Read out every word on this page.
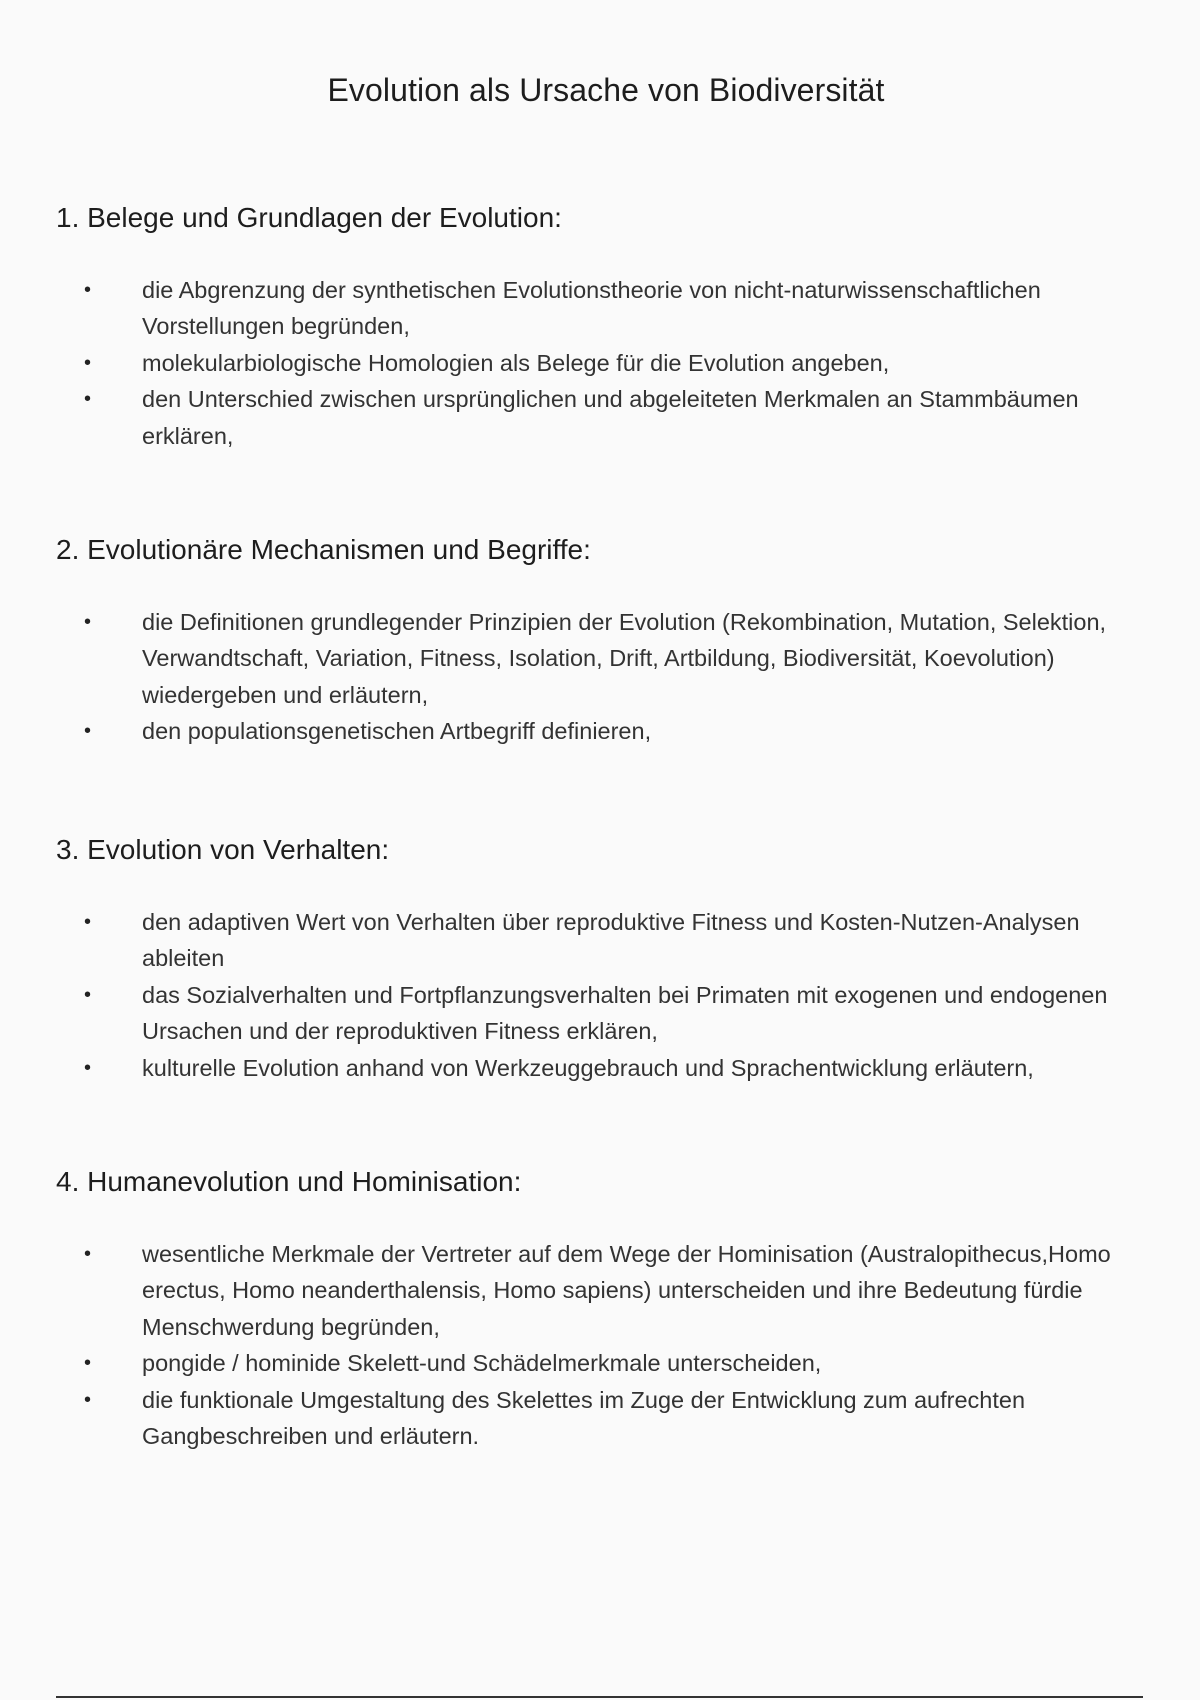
Evolution als Ursache von Biodiversität
1. Belege und Grundlagen der Evolution:
• die Abgrenzung der synthetischen Evolutionstheorie von nicht-naturwissenschaftlichen Vorstellungen begründen,
• molekularbiologische Homologien als Belege für die Evolution angeben,
• den Unterschied zwischen ursprünglichen und abgeleiteten Merkmalen an Stammbäumen erklären,
2. Evolutionäre Mechanismen und Begriffe:
• die Definitionen grundlegender Prinzipien der Evolution (Rekombination, Mutation, Selektion, Verwandtschaft, Variation, Fitness, Isolation, Drift, Artbildung, Biodiversität, Koevolution) wiedergeben und erläutern,
• den populationsgenetischen Artbegriff definieren,
3. Evolution von Verhalten:
• den adaptiven Wert von Verhalten über reproduktive Fitness und Kosten-Nutzen-Analysen ableiten
• das Sozialverhalten und Fortpflanzungsverhalten bei Primaten mit exogenen und endogenen Ursachen und der reproduktiven Fitness erklären,
• kulturelle Evolution anhand von Werkzeuggebrauch und Sprachentwicklung erläutern,
4. Humanevolution und Hominisation:
• wesentliche Merkmale der Vertreter auf dem Wege der Hominisation (Australopithecus,Homo erectus, Homo neanderthalensis, Homo sapiens) unterscheiden und ihre Bedeutung fürdie Menschwerdung begründen,
• pongide / hominide Skelett-und Schädelmerkmale unterscheiden,
• die funktionale Umgestaltung des Skelettes im Zuge der Entwicklung zum aufrechten Gangbeschreiben und erläutern.
